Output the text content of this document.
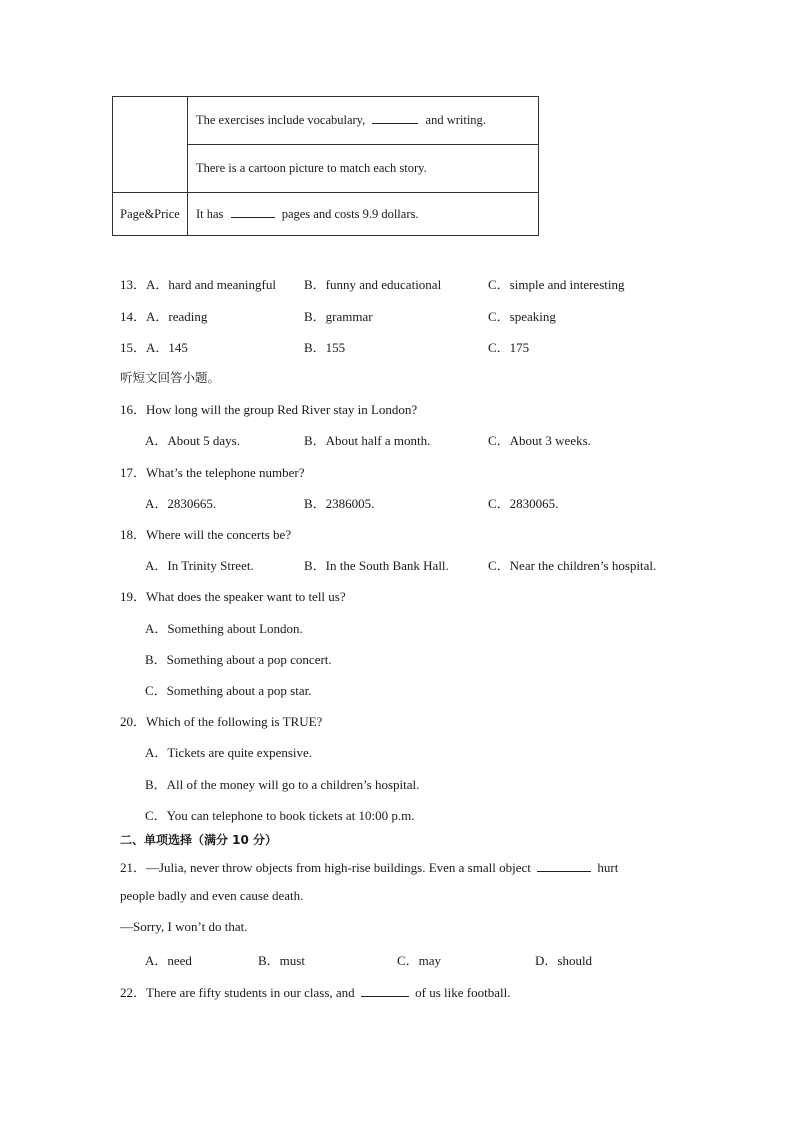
	The exercises include vocabulary, and writing.
	There is a cartoon picture to match each story.
Page&Price	It has pages and costs 9.9 dollars.
13．A．hard and meaningful B．funny and educational	C．simple and interesting
14．A．reading	B．grammar	C．speaking
15．A．145	B．155	C．175
听短文回答小题。
16．How long will the group Red River stay in London?
A．About 5 days.	B．About half a month.	C．About 3 weeks.
17．What’s the telephone number?
A．2830665.	B．2386005.	C．2830065.
18．Where will the concerts be?
A．In Trinity Street.	B．In the South Bank Hall.	C．Near the children’s hospital.
19．What does the speaker want to tell us?
A．Something about London.
B．Something about a pop concert.
C．Something about a pop star.
20．Which of the following is TRUE?
A．Tickets are quite expensive.
B．All of the money will go to a children’s hospital.
C．You can telephone to book tickets at 10:00 p.m.
二、单项选择（满分 10 分）
21．—Julia, never throw objects from high-rise buildings. Even a small object	hurt
people badly and even cause death.
—Sorry, I won’t do that.
A．need	B．must	C．may	D．should
22．There are fifty students in our class, and	of us like football.
